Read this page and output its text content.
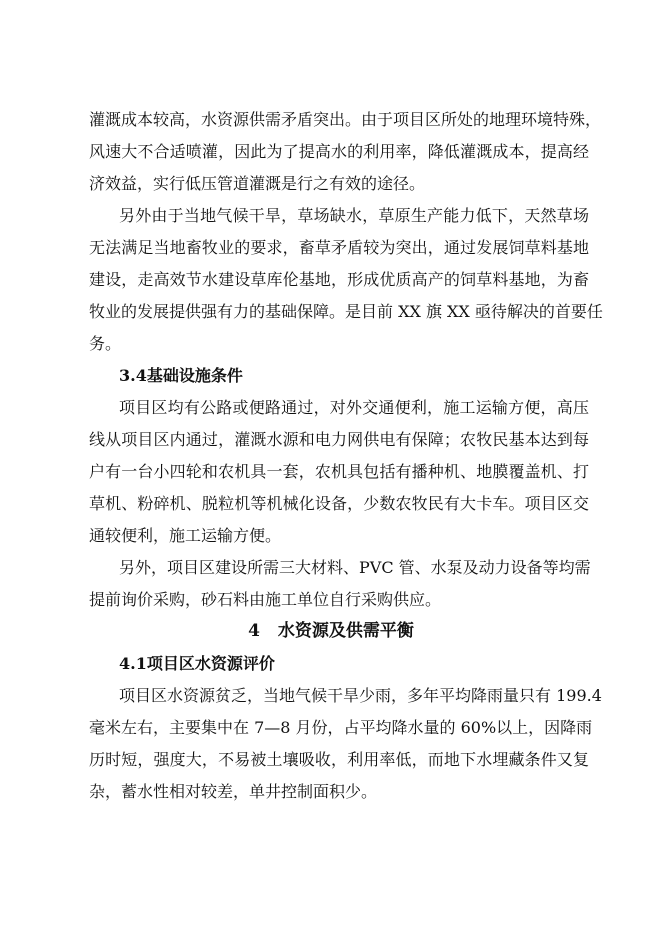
灌溉成本较高，水资源供需矛盾突出。由于项目区所处的地理环境特殊，
风速大不合适喷灌，因此为了提高水的利用率，降低灌溉成本，提高经
济效益，实行低压管道灌溉是行之有效的途径。
另外由于当地气候干旱，草场缺水，草原生产能力低下，天然草场
无法满足当地畜牧业的要求，畜草矛盾较为突出，通过发展饲草料基地
建设，走高效节水建设草库伦基地，形成优质高产的饲草料基地，为畜
牧业的发展提供强有力的基础保障。是目前 XX 旗 XX 亟待解决的首要任
务。
3.4基础设施条件
项目区均有公路或便路通过，对外交通便利，施工运输方便，高压
线从项目区内通过，灌溉水源和电力网供电有保障；农牧民基本达到每
户有一台小四轮和农机具一套，农机具包括有播种机、地膜覆盖机、打
草机、粉碎机、脱粒机等机械化设备，少数农牧民有大卡车。项目区交
通较便利，施工运输方便。
另外，项目区建设所需三大材料、PVC 管、水泵及动力设备等均需
提前询价采购，砂石料由施工单位自行采购供应。
4 水资源及供需平衡
4.1项目区水资源评价
项目区水资源贫乏，当地气候干旱少雨，多年平均降雨量只有 199.4
毫米左右，主要集中在 7—8 月份，占平均降水量的 60%以上，因降雨
历时短，强度大，不易被土壤吸收，利用率低，而地下水埋藏条件又复
杂，蓄水性相对较差，单井控制面积少。
